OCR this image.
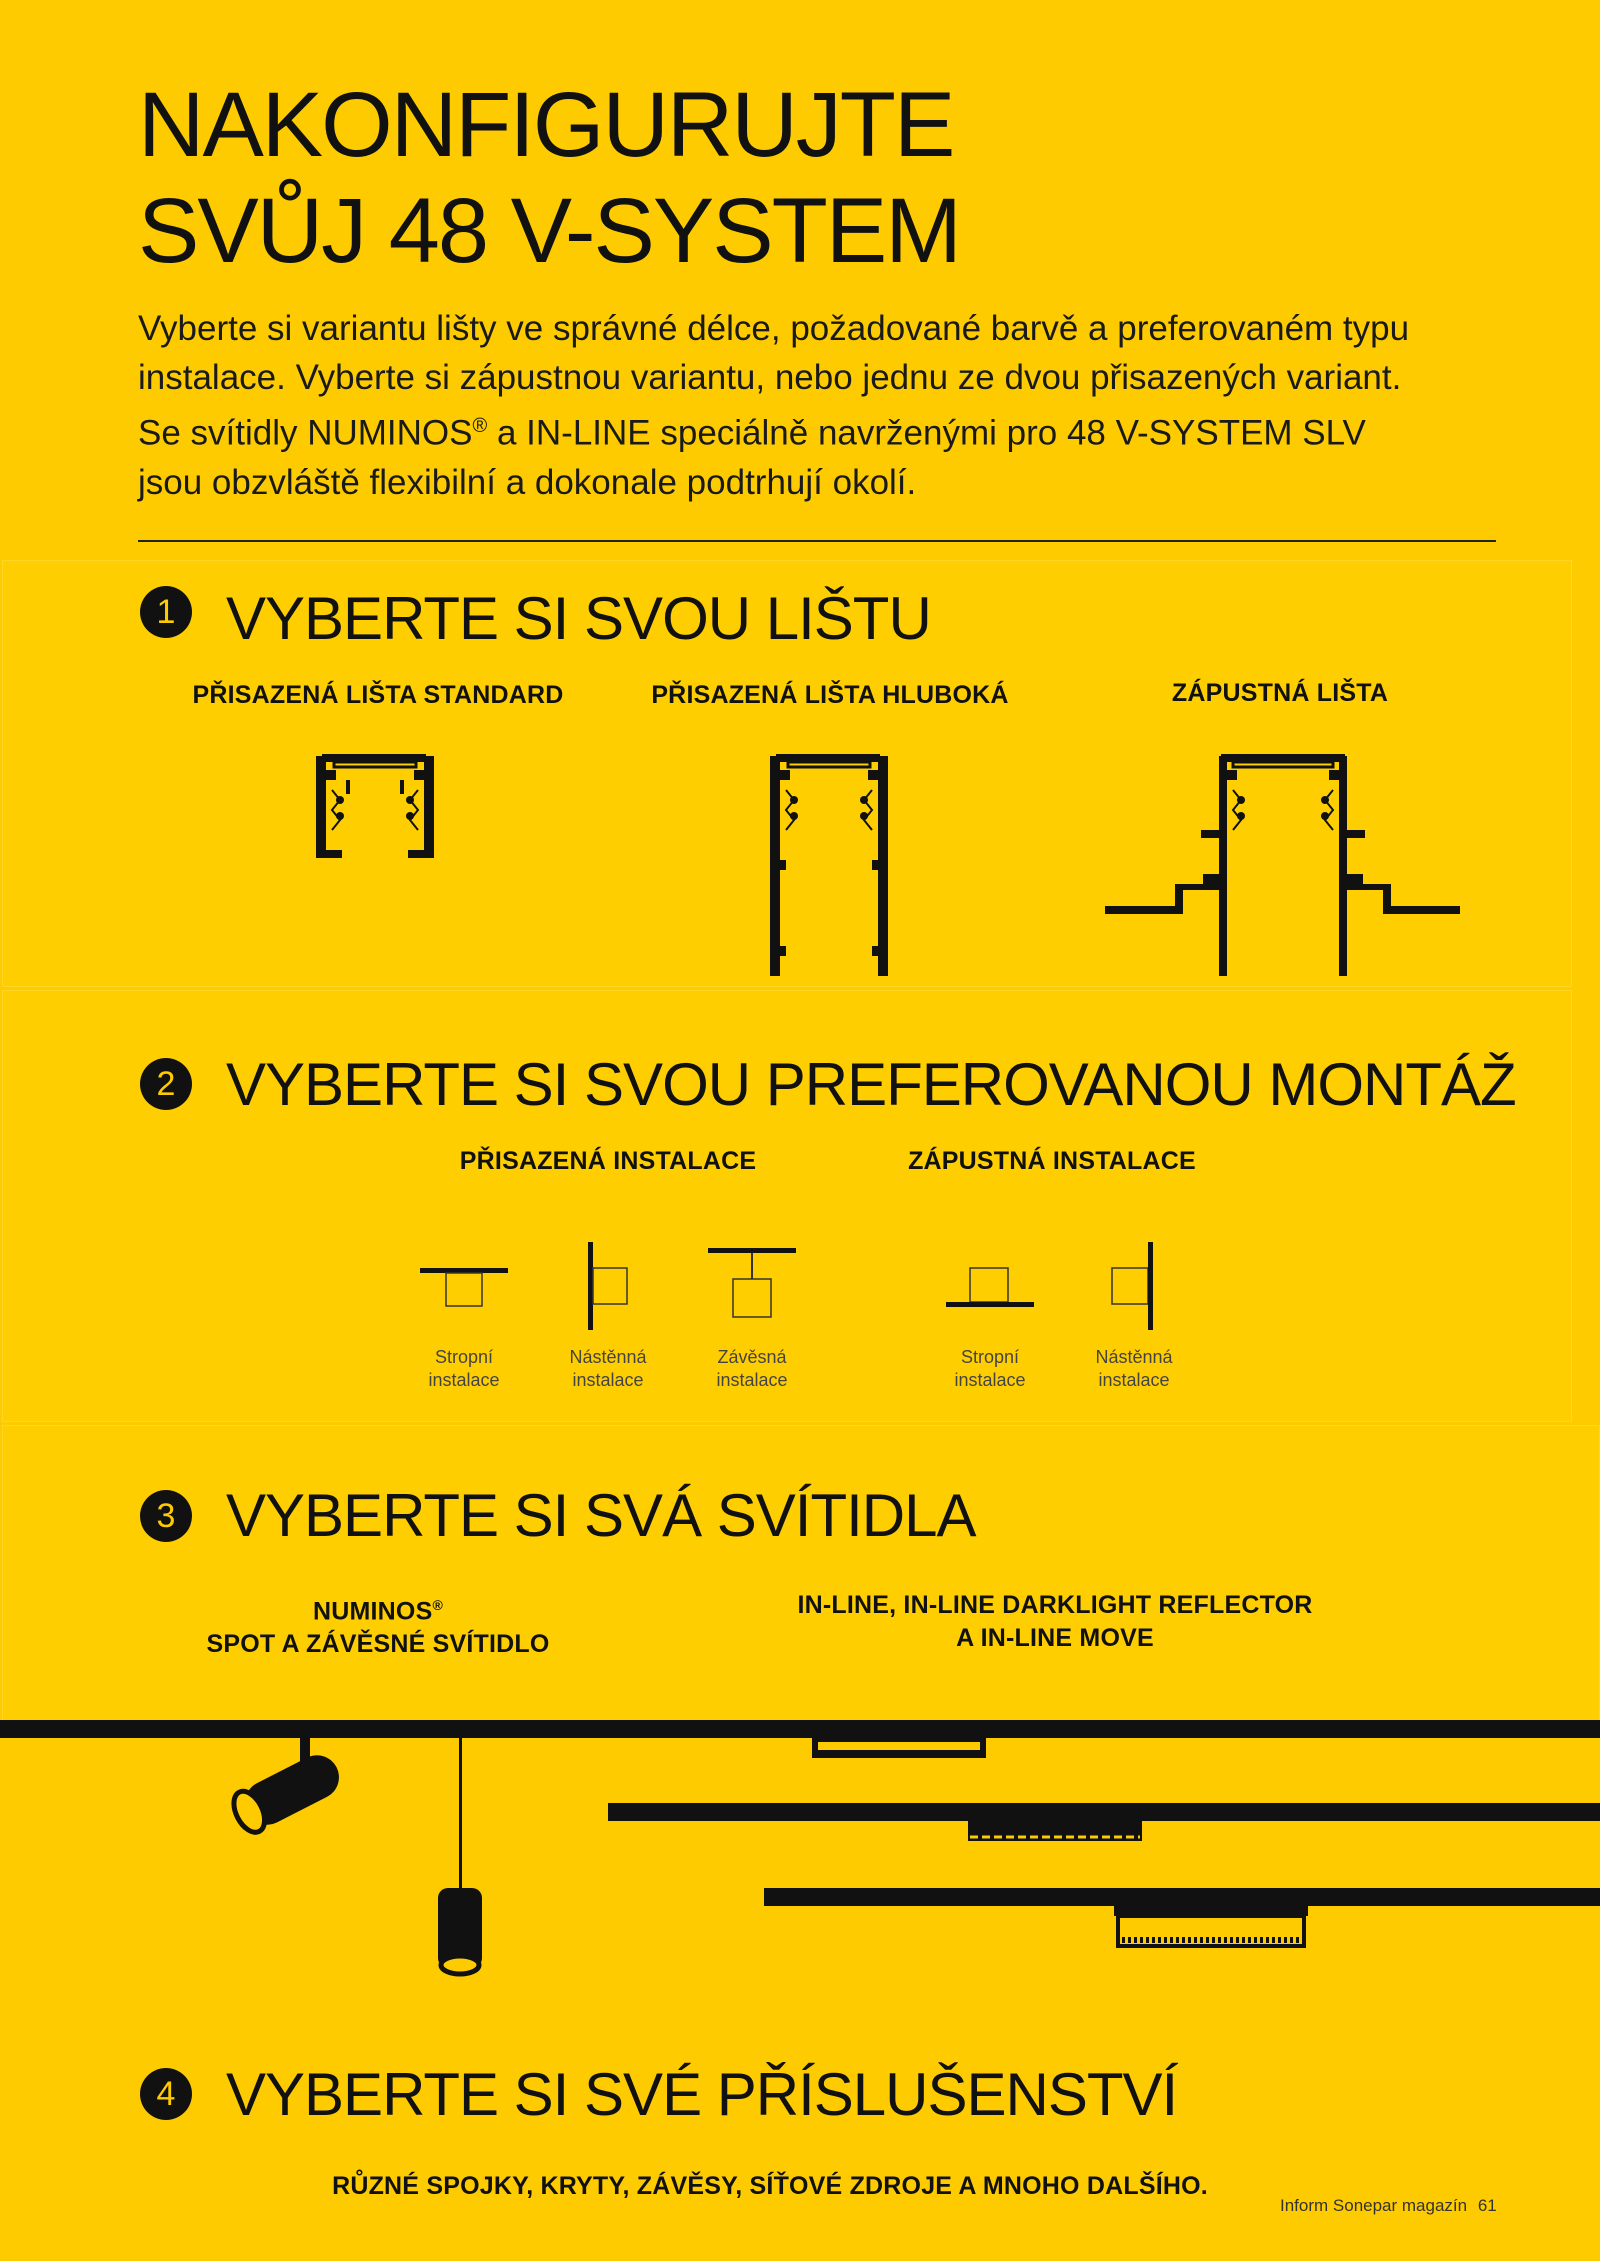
NAKONFIGURUJTE
SVŮJ 48 V-SYSTEM
Vyberte si variantu lišty ve správné délce, požadované barvě a preferovaném typu
instalace. Vyberte si zápustnou variantu, nebo jednu ze dvou přisazených variant.
Se svítidly NUMINOS® a IN-LINE speciálně navrženými pro 48 V-SYSTEM SLV
jsou obzvláště flexibilní a dokonale podtrhují okolí.
1 VYBERTE SI SVOU LIŠTU
PŘISAZENÁ LIŠTA STANDARD	PŘISAZENÁ LIŠTA HLUBOKÁ	ZÁPUSTNÁ LIŠTA
2 VYBERTE SI SVOU PREFEROVANOU MONTÁŽ
PŘISAZENÁ INSTALACE	ZÁPUSTNÁ INSTALACE
Stropní
instalace
Nástěnná
instalace
Závěsná
instalace
Stropní
instalace
Nástěnná
instalace
3 VYBERTE SI SVÁ SVÍTIDLA
NUMINOS®
SPOT A ZÁVĚSNÉ SVÍTIDLO
IN-LINE, IN-LINE DARKLIGHT REFLECTOR
A IN-LINE MOVE
4 VYBERTE SI SVÉ PŘÍSLUŠENSTVÍ
RŮZNÉ SPOJKY, KRYTY, ZÁVĚSY, SÍŤOVÉ ZDROJE A MNOHO DALŠÍHO.
Inform Sonepar magazín 61
